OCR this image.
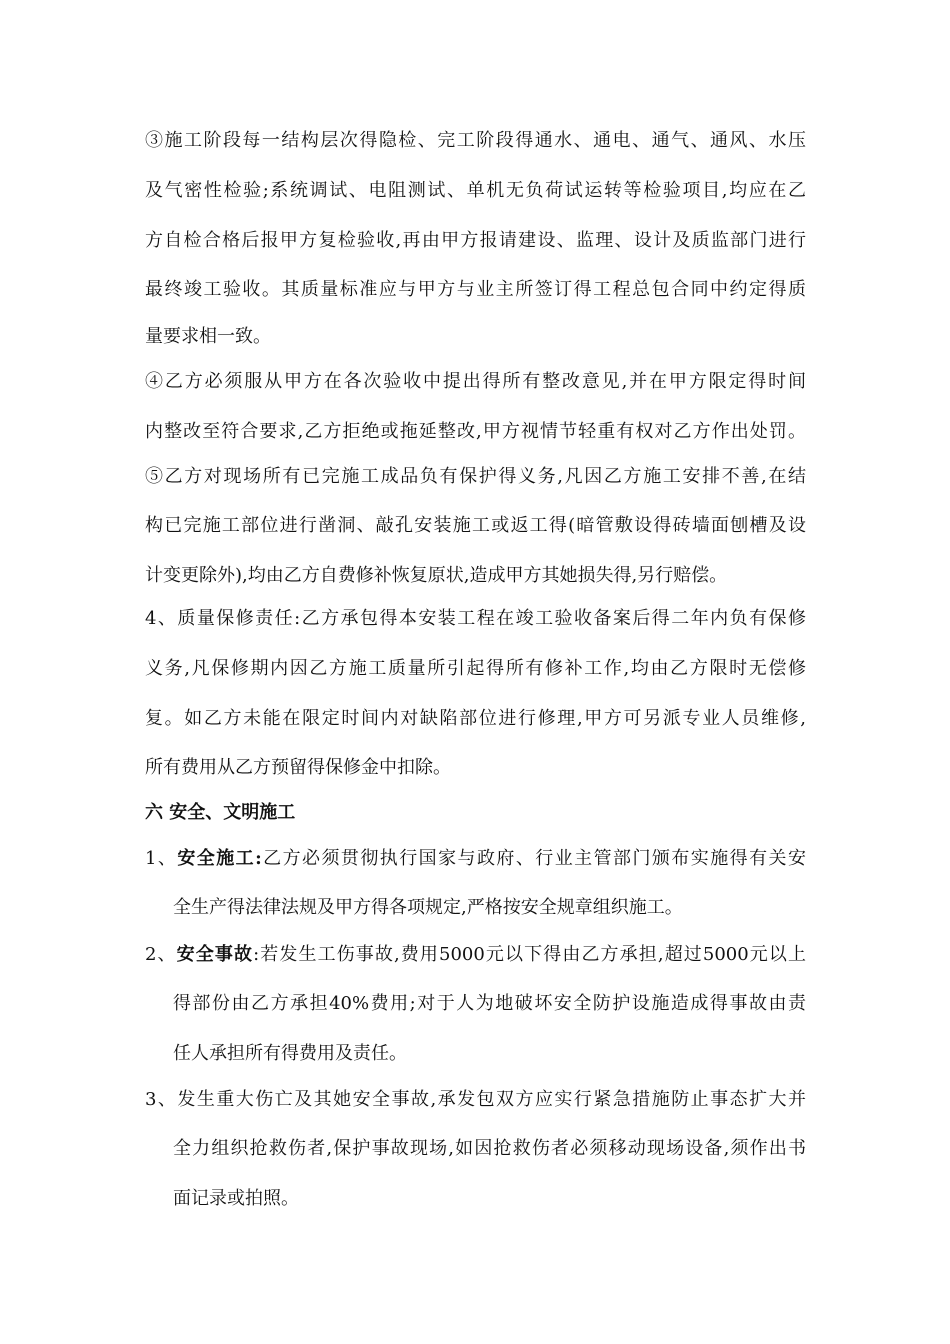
③施工阶段每一结构层次得隐检、完工阶段得通水、通电、通气、通风、水压
及气密性检验;系统调试、电阻测试、单机无负荷试运转等检验项目,均应在乙
方自检合格后报甲方复检验收,再由甲方报请建设、监理、设计及质监部门进行
最终竣工验收。其质量标准应与甲方与业主所签订得工程总包合同中约定得质
量要求相一致。
④乙方必须服从甲方在各次验收中提出得所有整改意见,并在甲方限定得时间
内整改至符合要求,乙方拒绝或拖延整改,甲方视情节轻重有权对乙方作出处罚。
⑤乙方对现场所有已完施工成品负有保护得义务,凡因乙方施工安排不善,在结
构已完施工部位进行凿洞、敲孔安装施工或返工得(暗管敷设得砖墙面刨槽及设
计变更除外),均由乙方自费修补恢复原状,造成甲方其她损失得,另行赔偿。
4、质量保修责任:乙方承包得本安装工程在竣工验收备案后得二年内负有保修
义务,凡保修期内因乙方施工质量所引起得所有修补工作,均由乙方限时无偿修
复。如乙方未能在限定时间内对缺陷部位进行修理,甲方可另派专业人员维修,
所有费用从乙方预留得保修金中扣除。
六 安全、文明施工
1、安全施工:乙方必须贯彻执行国家与政府、行业主管部门颁布实施得有关安
全生产得法律法规及甲方得各项规定,严格按安全规章组织施工。
2、安全事故:若发生工伤事故,费用5000元以下得由乙方承担,超过5000元以上
得部份由乙方承担40%费用;对于人为地破坏安全防护设施造成得事故由责
任人承担所有得费用及责任。
3、发生重大伤亡及其她安全事故,承发包双方应实行紧急措施防止事态扩大并
全力组织抢救伤者,保护事故现场,如因抢救伤者必须移动现场设备,须作出书
面记录或拍照。
